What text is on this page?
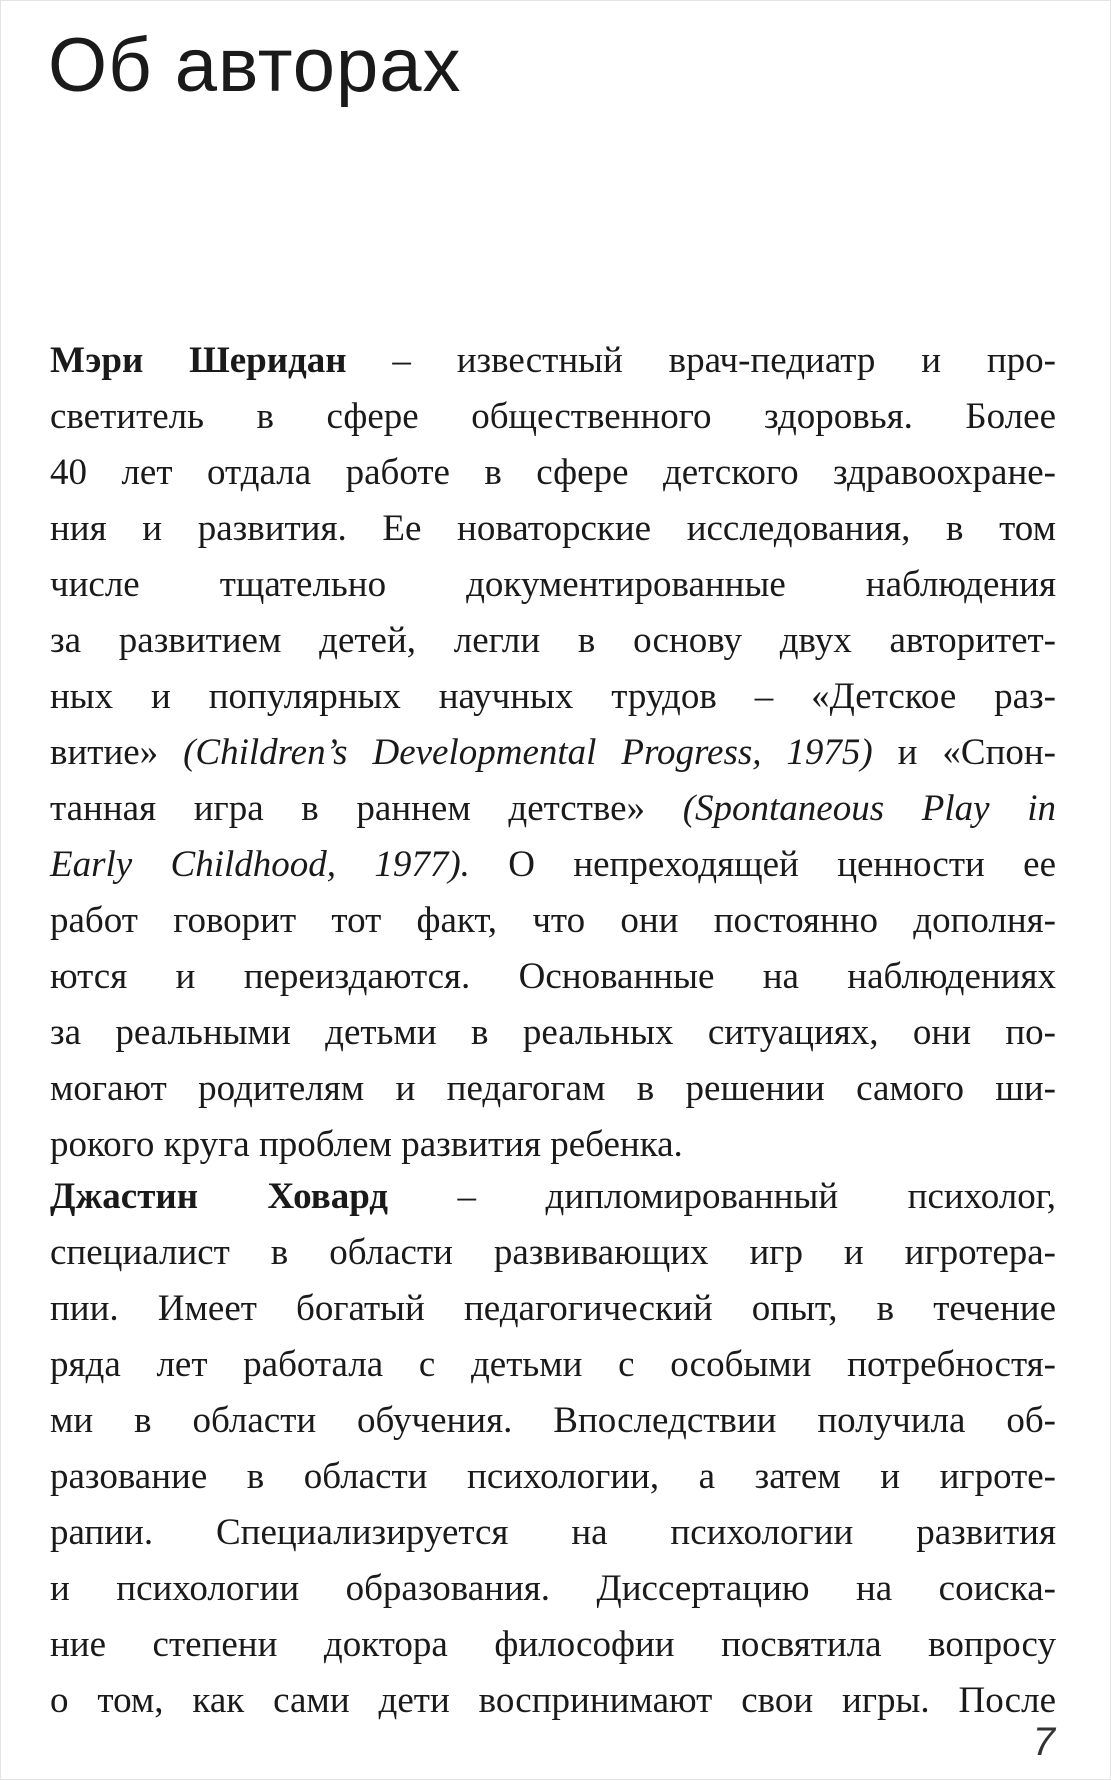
Об авторах
Мэри Шеридан – известный врач-педиатр и про-
светитель в сфере общественного здоровья. Более
40 лет отдала работе в сфере детского здравоохране-
ния и развития. Ее новаторские исследования, в том
числе тщательно документированные наблюдения
за развитием детей, легли в основу двух авторитет-
ных и популярных научных трудов – «Детское раз-
витие» (Children’s Developmental Progress, 1975) и «Спон-
танная игра в раннем детстве» (Spontaneous Play in
Early Childhood, 1977). О непреходящей ценности ее
работ говорит тот факт, что они постоянно дополня-
ются и переиздаются. Основанные на наблюдениях
за реальными детьми в реальных ситуациях, они по-
могают родителям и педагогам в решении самого ши-
рокого круга проблем развития ребенка.
Джастин Ховард – дипломированный психолог,
специалист в области развивающих игр и игротера-
пии. Имеет богатый педагогический опыт, в течение
ряда лет работала с детьми с особыми потребностя-
ми в области обучения. Впоследствии получила об-
разование в области психологии, а затем и игроте-
рапии. Специализируется на психологии развития
и психологии образования. Диссертацию на соиска-
ние степени доктора философии посвятила вопросу
о том, как сами дети воспринимают свои игры. После
7
